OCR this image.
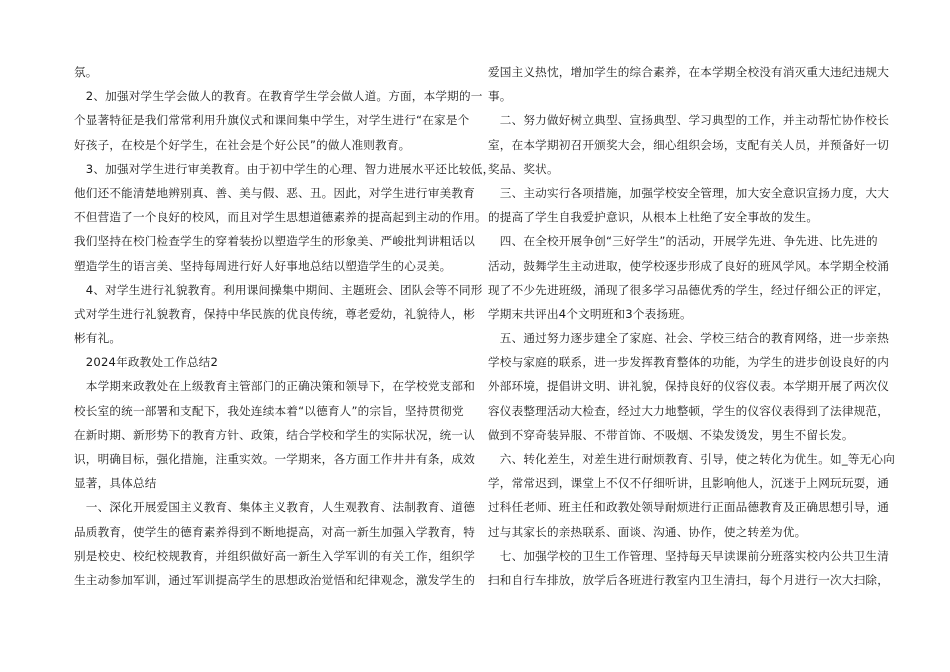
氛。
　2、加强对学生学会做人的教育。在教育学生学会做人道。方面，本学期的一
个显著特征是我们常常利用升旗仪式和课间集中学生，对学生进行“在家是个
好孩子，在校是个好学生，在社会是个好公民”的做人准则教育。
　3、加强对学生进行审美教育。由于初中学生的心理、智力进展水平还比较低，
他们还不能清楚地辨别真、善、美与假、恶、丑。因此，对学生进行审美教育
不但营造了一个良好的校风，而且对学生思想道德素养的提高起到主动的作用。
我们坚持在校门检查学生的穿着装扮以塑造学生的形象美、严峻批判讲粗话以
塑造学生的语言美、坚持每周进行好人好事地总结以塑造学生的心灵美。
　4、对学生进行礼貌教育。利用课间操集中期间、主题班会、团队会等不同形
式对学生进行礼貌教育，保持中华民族的优良传统，尊老爱幼，礼貌待人，彬
彬有礼。
　2024年政教处工作总结2
　本学期来政教处在上级教育主管部门的正确决策和领导下，在学校党支部和
校长室的统一部署和支配下，我处连续本着“以德育人”的宗旨，坚持贯彻党
在新时期、新形势下的教育方针、政策，结合学校和学生的实际状况，统一认
识，明确目标，强化措施，注重实效。一学期来，各方面工作井井有条，成效
显著，具体总结
　一、深化开展爱国主义教育、集体主义教育，人生观教育、法制教育、道德
品质教育，使学生的德育素养得到不断地提高，对高一新生加强入学教育，特
别是校史、校纪校规教育，并组织做好高一新生入学军训的有关工作，组织学
生主动参加军训，通过军训提高学生的思想政治觉悟和纪律观念，激发学生的
爱国主义热忱，增加学生的综合素养，在本学期全校没有消灭重大违纪违规大
事。
　二、努力做好树立典型、宣扬典型、学习典型的工作，并主动帮忙协作校长
室，在本学期初召开颁奖大会，细心组织会场，支配有关人员，并预备好一切
奖品、奖状。
　三、主动实行各项措施，加强学校安全管理，加大安全意识宣扬力度，大大
的提高了学生自我爱护意识，从根本上杜绝了安全事故的发生。
　四、在全校开展争创“三好学生”的活动，开展学先进、争先进、比先进的
活动，鼓舞学生主动进取，使学校逐步形成了良好的班风学风。本学期全校涌
现了不少先进班级，涌现了很多学习品德优秀的学生，经过仔细公正的评定，
学期末共评出4个文明班和3个表扬班。
　五、通过努力逐步建全了家庭、社会、学校三结合的教育网络，进一步亲热
学校与家庭的联系，进一步发挥教育整体的功能，为学生的进步创设良好的内
外部环境，提倡讲文明、讲礼貌，保持良好的仪容仪表。本学期开展了两次仪
容仪表整理活动大检查，经过大力地整顿，学生的仪容仪表得到了法律规范，
做到不穿奇装异服、不带首饰、不吸烟、不染发烫发，男生不留长发。
　六、转化差生，对差生进行耐烦教育、引导，使之转化为优生。如_等无心向
学，常常迟到，课堂上不仅不仔细听讲，且影响他人，沉迷于上网玩玩耍，通
过科任老师、班主任和政教处领导耐烦进行正面品德教育及正确思想引导，通
过与其家长的亲热联系、面谈、沟通、协作，使之转差为优。
　七、加强学校的卫生工作管理、坚持每天早读课前分班落实校内公共卫生清
扫和自行车排放，放学后各班进行教室内卫生清扫，每个月进行一次大扫除，
